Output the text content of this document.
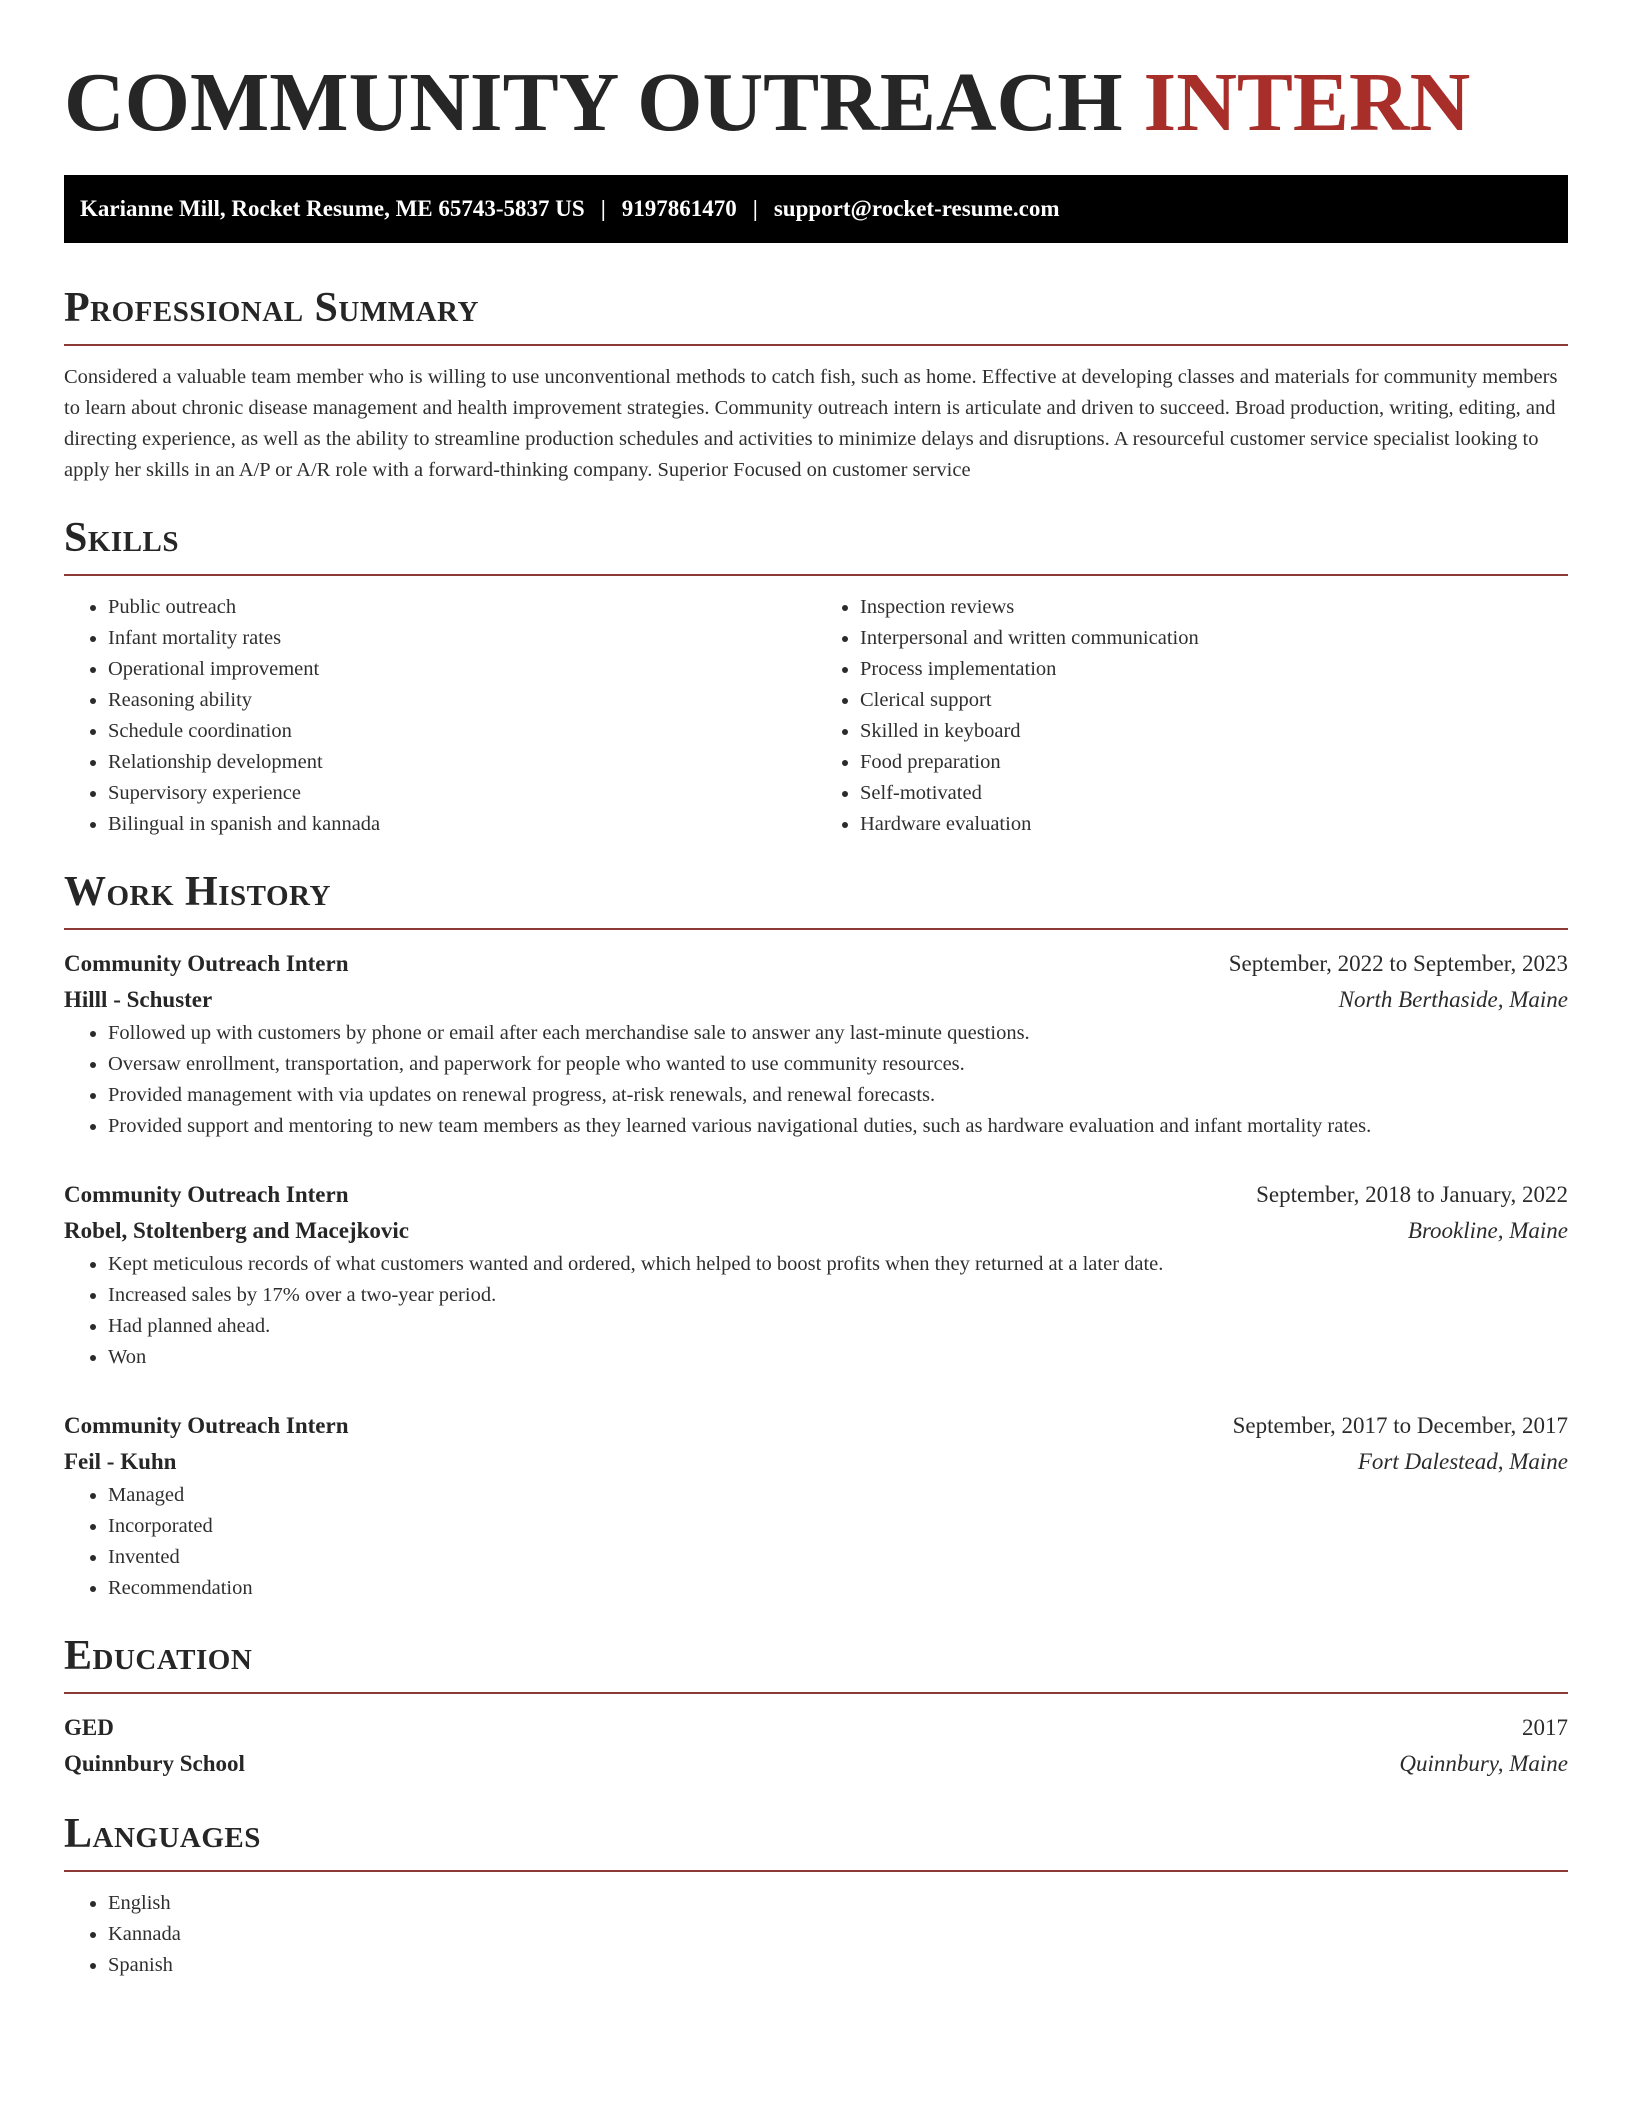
COMMUNITY OUTREACH INTERN
Karianne Mill, Rocket Resume, ME 65743-5837 US | 9197861470 | support@rocket-resume.com
Professional Summary

Considered a valuable team member who is willing to use unconventional methods to catch fish, such as home. Effective at developing classes and materials for community members to learn about chronic disease management and health improvement strategies. Community outreach intern is articulate and driven to succeed. Broad production, writing, editing, and directing experience, as well as the ability to streamline production schedules and activities to minimize delays and disruptions. A resourceful customer service specialist looking to apply her skills in an A/P or A/R role with a forward-thinking company. Superior Focused on customer service

Skills
• Public outreach
• Infant mortality rates
• Operational improvement
• Reasoning ability
• Schedule coordination
• Relationship development
• Supervisory experience
• Bilingual in spanish and kannada
• Inspection reviews
• Interpersonal and written communication
• Process implementation
• Clerical support
• Skilled in keyboard
• Food preparation
• Self-motivated
• Hardware evaluation
Work History
Community Outreach Intern	September, 2022 to September, 2023
Hilll - Schuster	North Berthaside, Maine
• Followed up with customers by phone or email after each merchandise sale to answer any last-minute questions.
• Oversaw enrollment, transportation, and paperwork for people who wanted to use community resources.
• Provided management with via updates on renewal progress, at-risk renewals, and renewal forecasts.
• Provided support and mentoring to new team members as they learned various navigational duties, such as hardware evaluation and infant mortality rates.
Community Outreach Intern	September, 2018 to January, 2022
Robel, Stoltenberg and Macejkovic	Brookline, Maine
• Kept meticulous records of what customers wanted and ordered, which helped to boost profits when they returned at a later date.
• Increased sales by 17% over a two-year period.
• Had planned ahead.
• Won
Community Outreach Intern	September, 2017 to December, 2017
Feil - Kuhn	Fort Dalestead, Maine
• Managed
• Incorporated
• Invented
• Recommendation
Education
GED	2017
Quinnbury School	Quinnbury, Maine
Languages
• English
• Kannada
• Spanish
